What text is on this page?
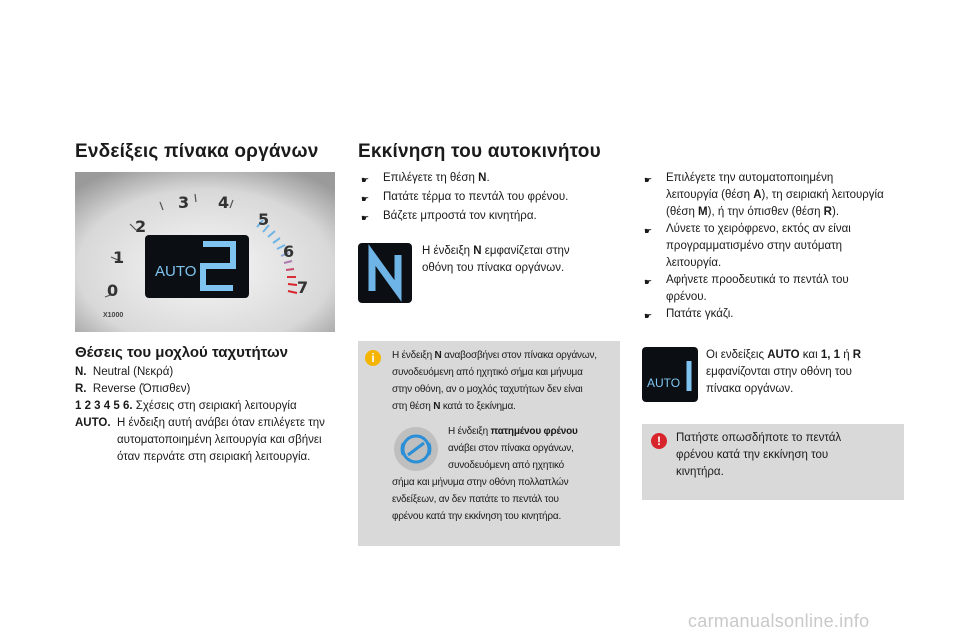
Ενδείξεις πίνακα οργάνων
0
1
2
3 4
5
6
7
AUTO
X1000
Θέσεις του μοχλού ταχυτήτων
N. Neutral (Νεκρά)
R. Reverse (Όπισθεν)
1 2 3 4 5 6. Σχέσεις στη σειριακή λειτουργία
AUTO. Η ένδειξη αυτή ανάβει όταν επιλέγετε την
αυτοματοποιημένη λειτουργία και σβήνει
όταν περνάτε στη σειριακή λειτουργία.
Εκκίνηση του αυτοκινήτου
☛	Επιλέγετε τη θέση N.
☛	Πατάτε τέρμα το πεντάλ του φρένου.
☛	Βάζετε μπροστά τον κινητήρα.
Η ένδειξη N εμφανίζεται στην
οθόνη του πίνακα οργάνων.
i	Η ένδειξη N αναβοσβήνει στον πίνακα οργάνων,
συνοδευόμενη από ηχητικό σήμα και μήνυμα
στην οθόνη, αν ο μοχλός ταχυτήτων δεν είναι
στη θέση N κατά το ξεκίνημα.
Η ένδειξη πατημένου φρένου
ανάβει στον πίνακα οργάνων,
συνοδευόμενη από ηχητικό
σήμα και μήνυμα στην οθόνη πολλαπλών
ενδείξεων, αν δεν πατάτε το πεντάλ του
φρένου κατά την εκκίνηση του κινητήρα.
☛	Επιλέγετε την αυτοματοποιημένη
λειτουργία (θέση A), τη σειριακή λειτουργία
(θέση M), ή την όπισθεν (θέση R).
☛	Λύνετε το χειρόφρενο, εκτός αν είναι
προγραμματισμένο στην αυτόματη
λειτουργία.
☛	Αφήνετε προοδευτικά το πεντάλ του
φρένου.
☛	Πατάτε γκάζι.
AUTO
Οι ενδείξεις AUTO και 1, 1 ή R
εμφανίζονται στην οθόνη του
πίνακα οργάνων.
!	Πατήστε οπωσδήποτε το πεντάλ
φρένου κατά την εκκίνηση του
κινητήρα.
carmanualsonline.info
